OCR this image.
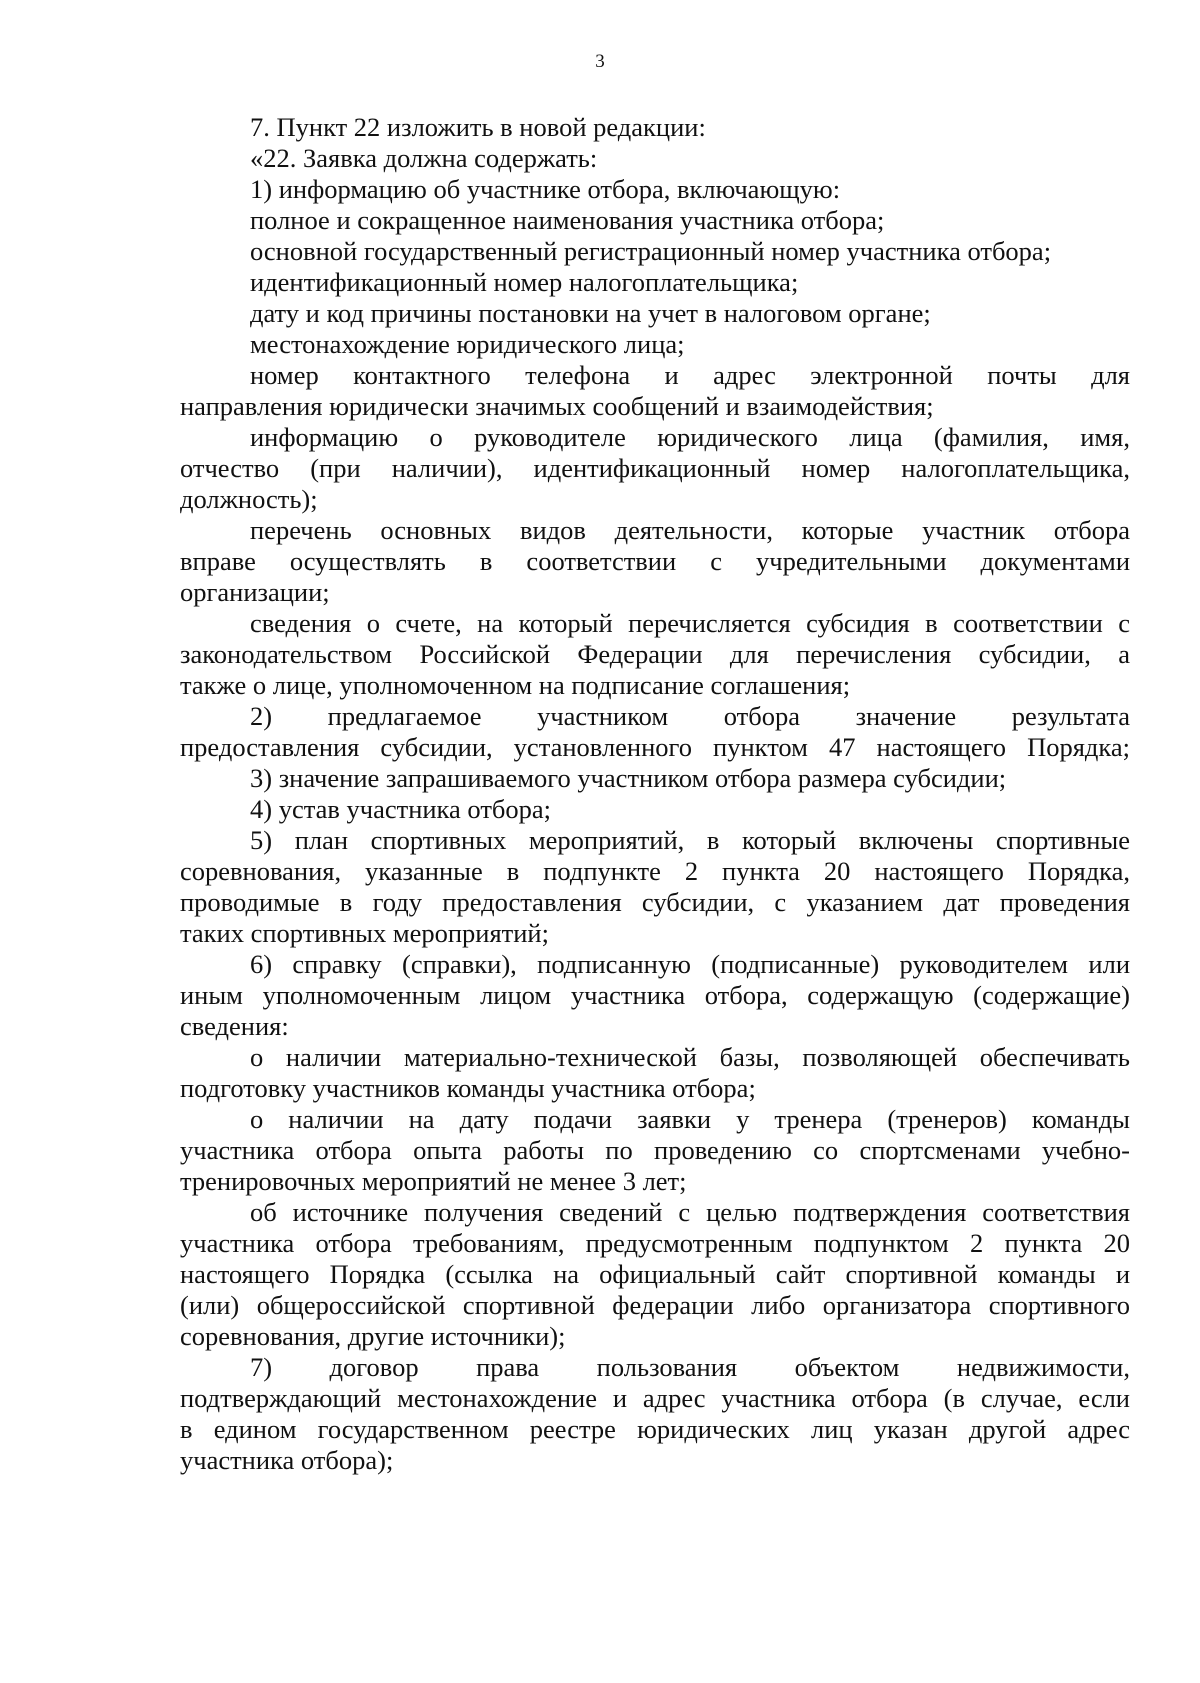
3
7. Пункт 22 изложить в новой редакции:
«22. Заявка должна содержать:
1) информацию об участнике отбора, включающую:
полное и сокращенное наименования участника отбора;
основной государственный регистрационный номер участника отбора;
идентификационный номер налогоплательщика;
дату и код причины постановки на учет в налоговом органе;
местонахождение юридического лица;
номер контактного телефона и адрес электронной почты для
направления юридически значимых сообщений и взаимодействия;
информацию о руководителе юридического лица (фамилия, имя,
отчество (при наличии), идентификационный номер налогоплательщика,
должность);
перечень основных видов деятельности, которые участник отбора
вправе осуществлять в соответствии с учредительными документами
организации;
сведения о счете, на который перечисляется субсидия в соответствии с
законодательством Российской Федерации для перечисления субсидии, а
также о лице, уполномоченном на подписание соглашения;
2) предлагаемое участником отбора значение результата
предоставления субсидии, установленного пунктом 47 настоящего Порядка;
3) значение запрашиваемого участником отбора размера субсидии;
4) устав участника отбора;
5) план спортивных мероприятий, в который включены спортивные
соревнования, указанные в подпункте 2 пункта 20 настоящего Порядка,
проводимые в году предоставления субсидии, с указанием дат проведения
таких спортивных мероприятий;
6) справку (справки), подписанную (подписанные) руководителем или
иным уполномоченным лицом участника отбора, содержащую (содержащие)
сведения:
о наличии материально-технической базы, позволяющей обеспечивать
подготовку участников команды участника отбора;
о наличии на дату подачи заявки у тренера (тренеров) команды
участника отбора опыта работы по проведению со спортсменами учебно-
тренировочных мероприятий не менее 3 лет;
об источнике получения сведений с целью подтверждения соответствия
участника отбора требованиям, предусмотренным подпунктом 2 пункта 20
настоящего Порядка (ссылка на официальный сайт спортивной команды и
(или) общероссийской спортивной федерации либо организатора спортивного
соревнования, другие источники);
7) договор права пользования объектом недвижимости,
подтверждающий местонахождение и адрес участника отбора (в случае, если
в едином государственном реестре юридических лиц указан другой адрес
участника отбора);
